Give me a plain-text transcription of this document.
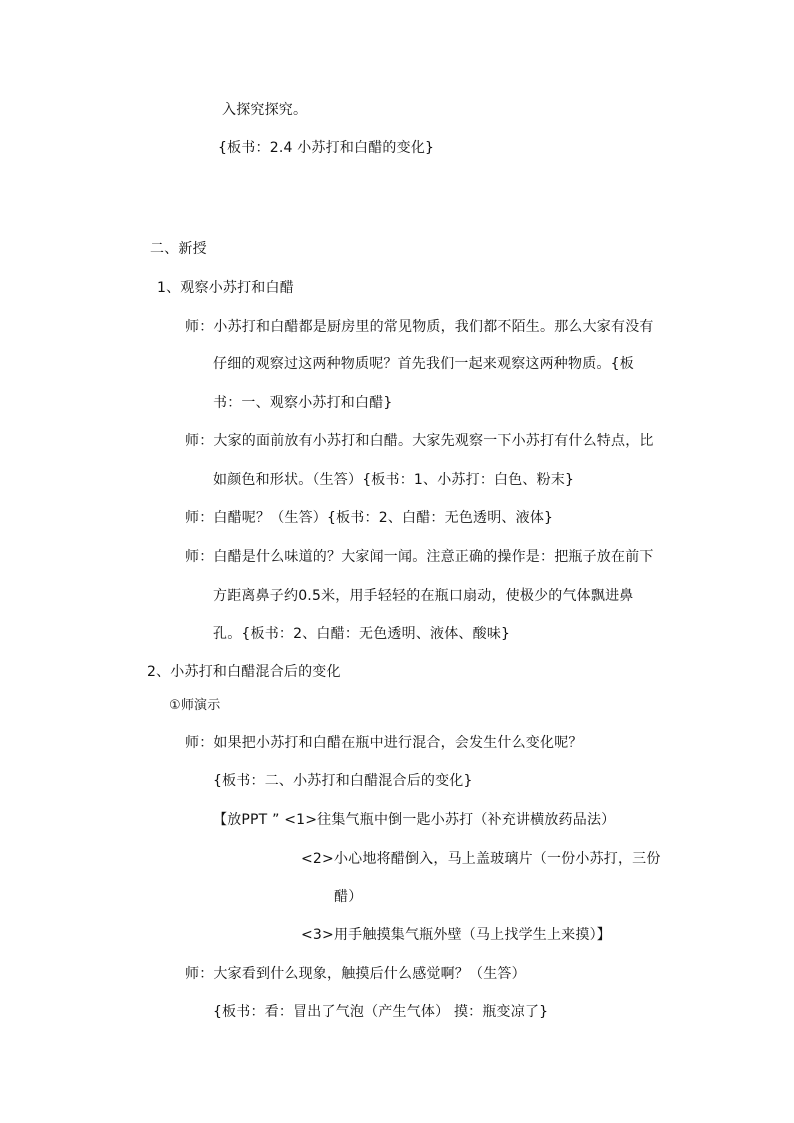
入探究探究。
{板书：2.4 小苏打和白醋的变化}
二、新授
1、观察小苏打和白醋
师：小苏打和白醋都是厨房里的常见物质，我们都不陌生。那么大家有没有
仔细的观察过这两种物质呢？首先我们一起来观察这两种物质。{板
书：一、观察小苏打和白醋}
师：大家的面前放有小苏打和白醋。大家先观察一下小苏打有什么特点，比
如颜色和形状。（生答）{板书：1、小苏打：白色、粉末}
师：白醋呢？（生答）{板书：2、白醋：无色透明、液体}
师：白醋是什么味道的？大家闻一闻。注意正确的操作是：把瓶子放在前下
方距离鼻子约0.5米，用手轻轻的在瓶口扇动，使极少的气体飘进鼻
孔。{板书：2、白醋：无色透明、液体、酸味}
2、小苏打和白醋混合后的变化
①师演示
师：如果把小苏打和白醋在瓶中进行混合，会发生什么变化呢？
{板书：二、小苏打和白醋混合后的变化}
【放PPT ” <1>往集气瓶中倒一匙小苏打（补充讲横放药品法）
<2>小心地将醋倒入，马上盖玻璃片（一份小苏打，三份
醋）
<3>用手触摸集气瓶外壁（马上找学生上来摸）】
师：大家看到什么现象，触摸后什么感觉啊？（生答）
{板书：看：冒出了气泡（产生气体） 摸：瓶变凉了}
